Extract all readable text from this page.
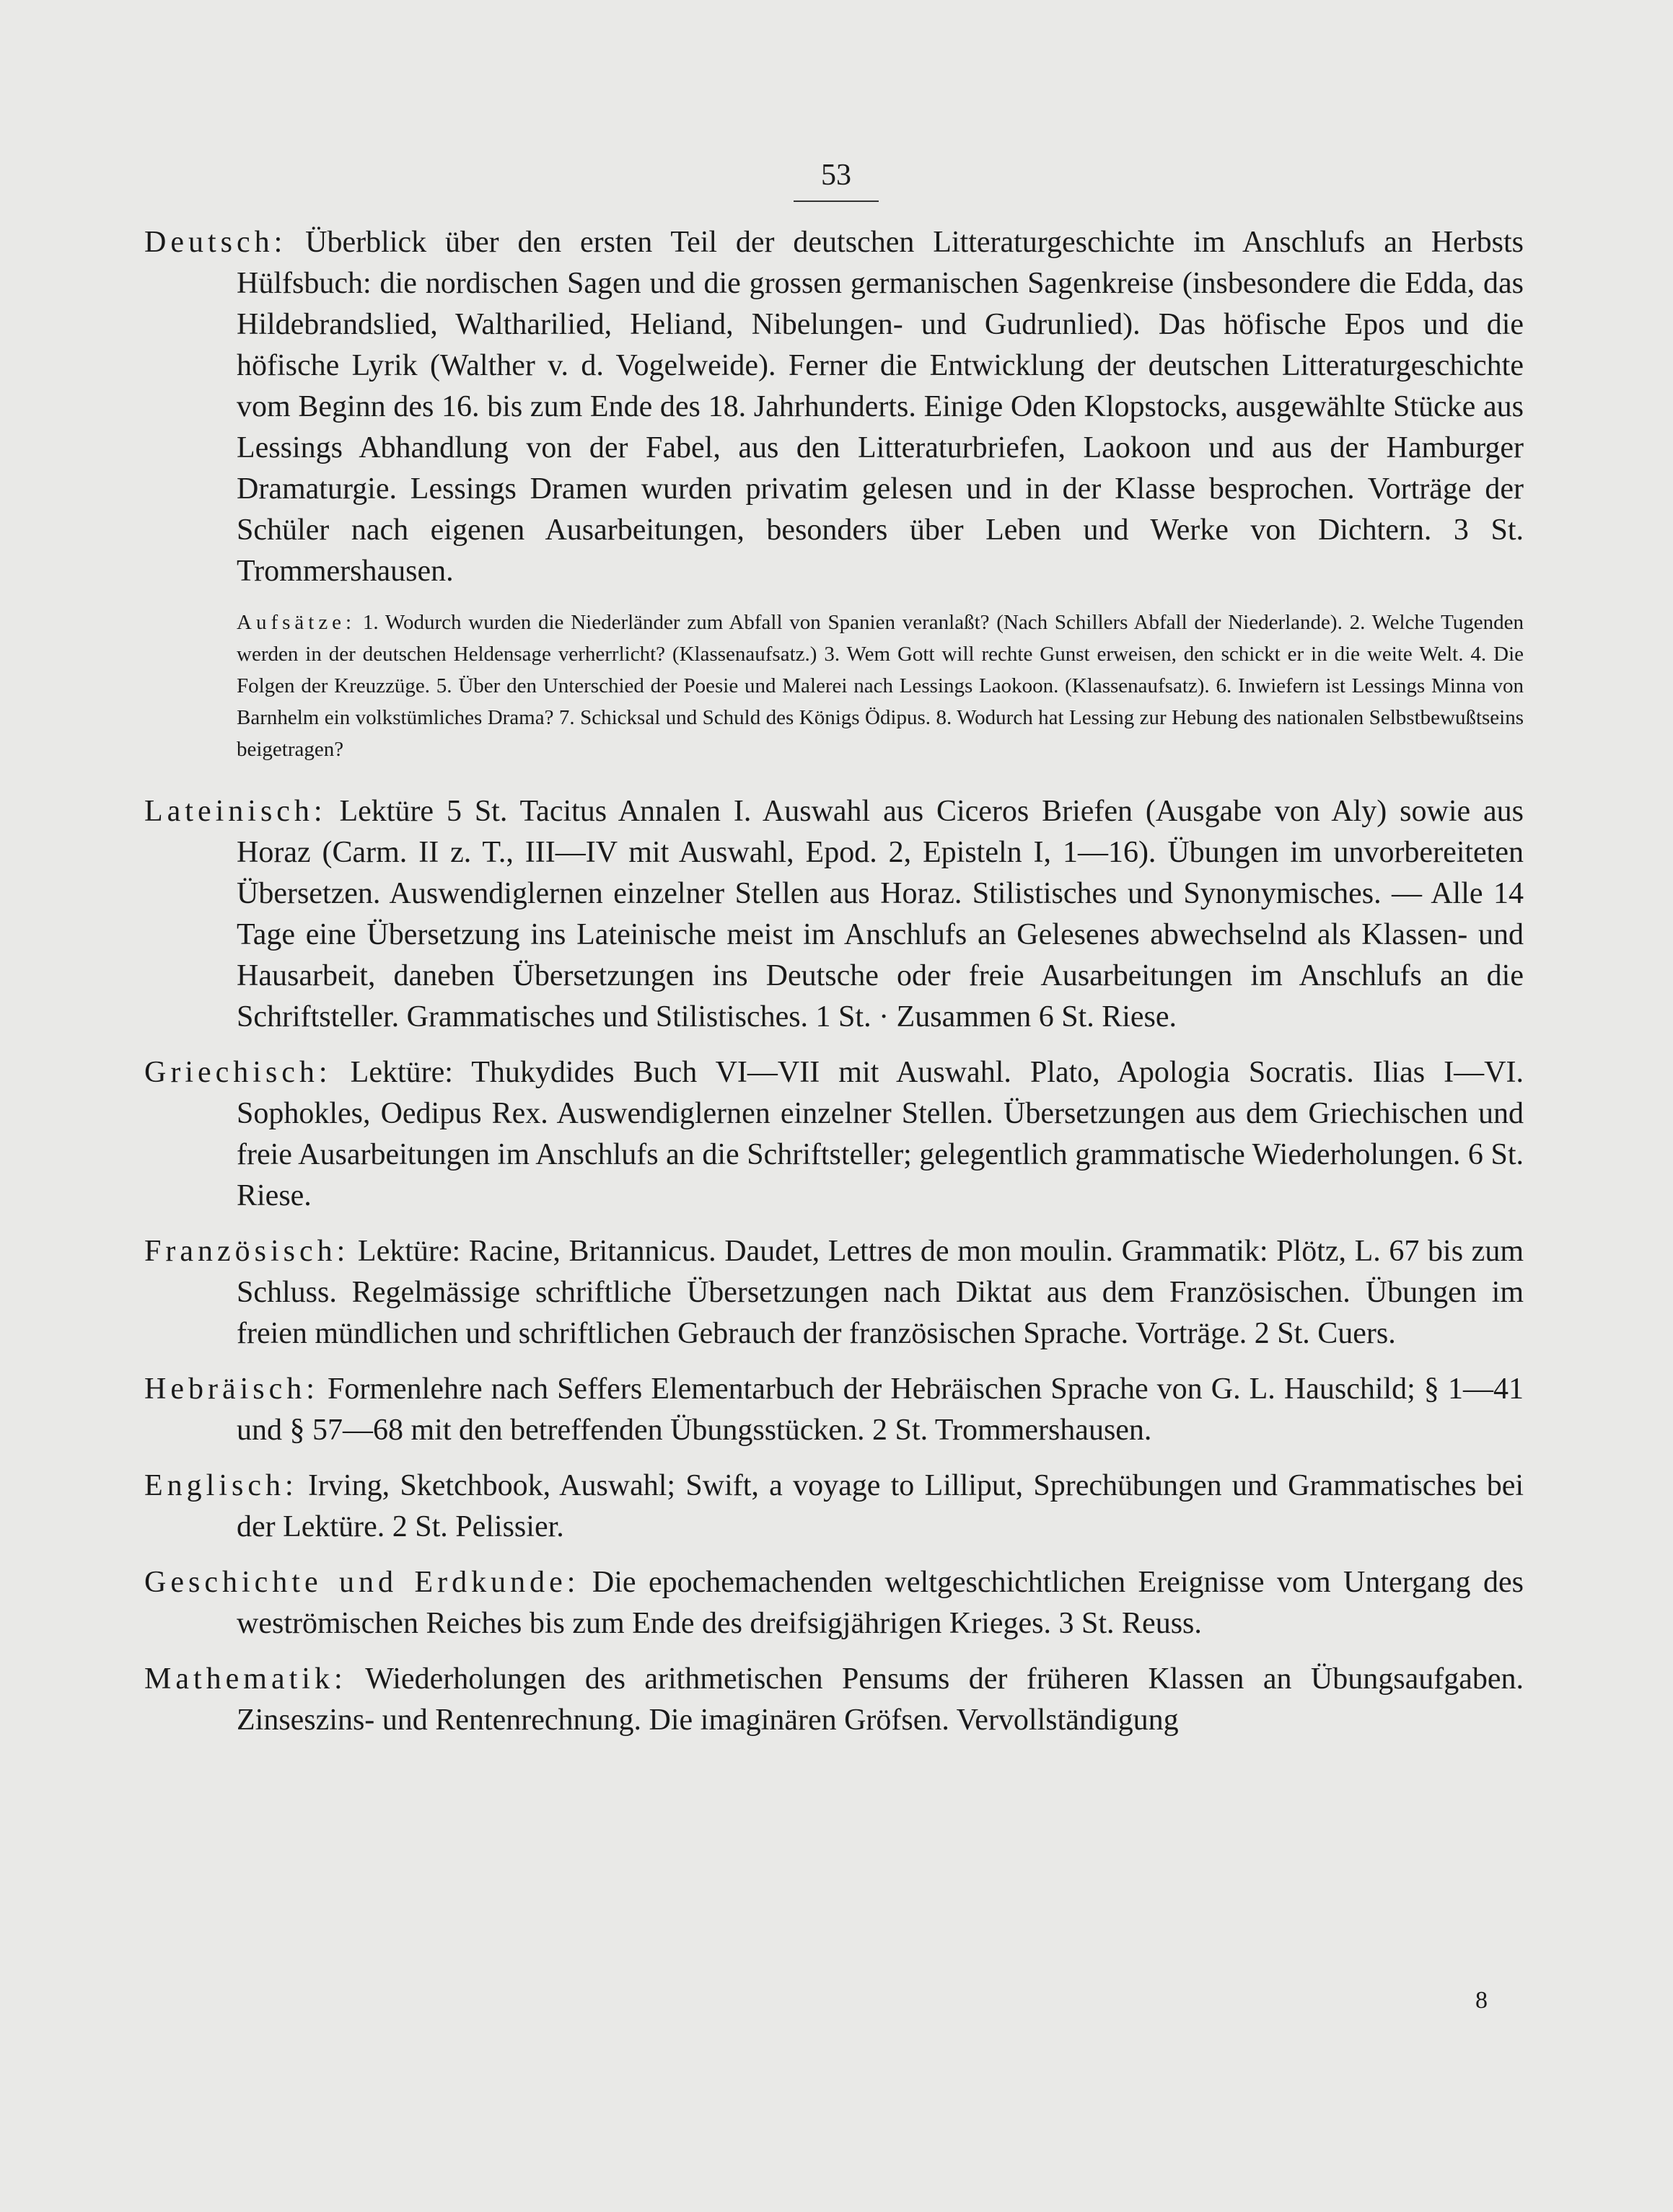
53
Deutsch: Überblick über den ersten Teil der deutschen Litteraturgeschichte im Anschlufs an Herbsts Hülfsbuch: die nordischen Sagen und die grossen germanischen Sagenkreise (insbesondere die Edda, das Hildebrandslied, Waltharilied, Heliand, Nibelungen- und Gudrunlied). Das höfische Epos und die höfische Lyrik (Walther v. d. Vogelweide). Ferner die Entwicklung der deutschen Litteraturgeschichte vom Beginn des 16. bis zum Ende des 18. Jahrhunderts. Einige Oden Klopstocks, ausgewählte Stücke aus Lessings Abhandlung von der Fabel, aus den Litteraturbriefen, Laokoon und aus der Hamburger Dramaturgie. Lessings Dramen wurden privatim gelesen und in der Klasse besprochen. Vorträge der Schüler nach eigenen Ausarbeitungen, besonders über Leben und Werke von Dichtern. 3 St. Trommershausen.
Aufsätze: 1. Wodurch wurden die Niederländer zum Abfall von Spanien veranlaßt? (Nach Schillers Abfall der Niederlande). 2. Welche Tugenden werden in der deutschen Heldensage verherrlicht? (Klassenaufsatz.) 3. Wem Gott will rechte Gunst erweisen, den schickt er in die weite Welt. 4. Die Folgen der Kreuzzüge. 5. Über den Unterschied der Poesie und Malerei nach Lessings Laokoon. (Klassenaufsatz). 6. Inwiefern ist Lessings Minna von Barnhelm ein volkstümliches Drama? 7. Schicksal und Schuld des Königs Ödipus. 8. Wodurch hat Lessing zur Hebung des nationalen Selbstbewußtseins beigetragen?
Lateinisch: Lektüre 5 St. Tacitus Annalen I. Auswahl aus Ciceros Briefen (Ausgabe von Aly) sowie aus Horaz (Carm. II z. T., III—IV mit Auswahl, Epod. 2, Episteln I, 1—16). Übungen im unvorbereiteten Übersetzen. Auswendiglernen einzelner Stellen aus Horaz. Stilistisches und Synonymisches. — Alle 14 Tage eine Übersetzung ins Lateinische meist im Anschlufs an Gelesenes abwechselnd als Klassen- und Hausarbeit, daneben Übersetzungen ins Deutsche oder freie Ausarbeitungen im Anschlufs an die Schriftsteller. Grammatisches und Stilistisches. 1 St. · Zusammen 6 St. Riese.
Griechisch: Lektüre: Thukydides Buch VI—VII mit Auswahl. Plato, Apologia Socratis. Ilias I—VI. Sophokles, Oedipus Rex. Auswendiglernen einzelner Stellen. Übersetzungen aus dem Griechischen und freie Ausarbeitungen im Anschlufs an die Schriftsteller; gelegentlich grammatische Wiederholungen. 6 St. Riese.
Französisch: Lektüre: Racine, Britannicus. Daudet, Lettres de mon moulin. Grammatik: Plötz, L. 67 bis zum Schluss. Regelmässige schriftliche Übersetzungen nach Diktat aus dem Französischen. Übungen im freien mündlichen und schriftlichen Gebrauch der französischen Sprache. Vorträge. 2 St. Cuers.
Hebräisch: Formenlehre nach Seffers Elementarbuch der Hebräischen Sprache von G. L. Hauschild; § 1—41 und § 57—68 mit den betreffenden Übungsstücken. 2 St. Trommershausen.
Englisch: Irving, Sketchbook, Auswahl; Swift, a voyage to Lilliput, Sprechübungen und Grammatisches bei der Lektüre. 2 St. Pelissier.
Geschichte und Erdkunde: Die epochemachenden weltgeschichtlichen Ereignisse vom Untergang des weströmischen Reiches bis zum Ende des dreifsigjährigen Krieges. 3 St. Reuss.
Mathematik: Wiederholungen des arithmetischen Pensums der früheren Klassen an Übungsaufgaben. Zinseszins- und Rentenrechnung. Die imaginären Gröfsen. Vervollständigung
8
